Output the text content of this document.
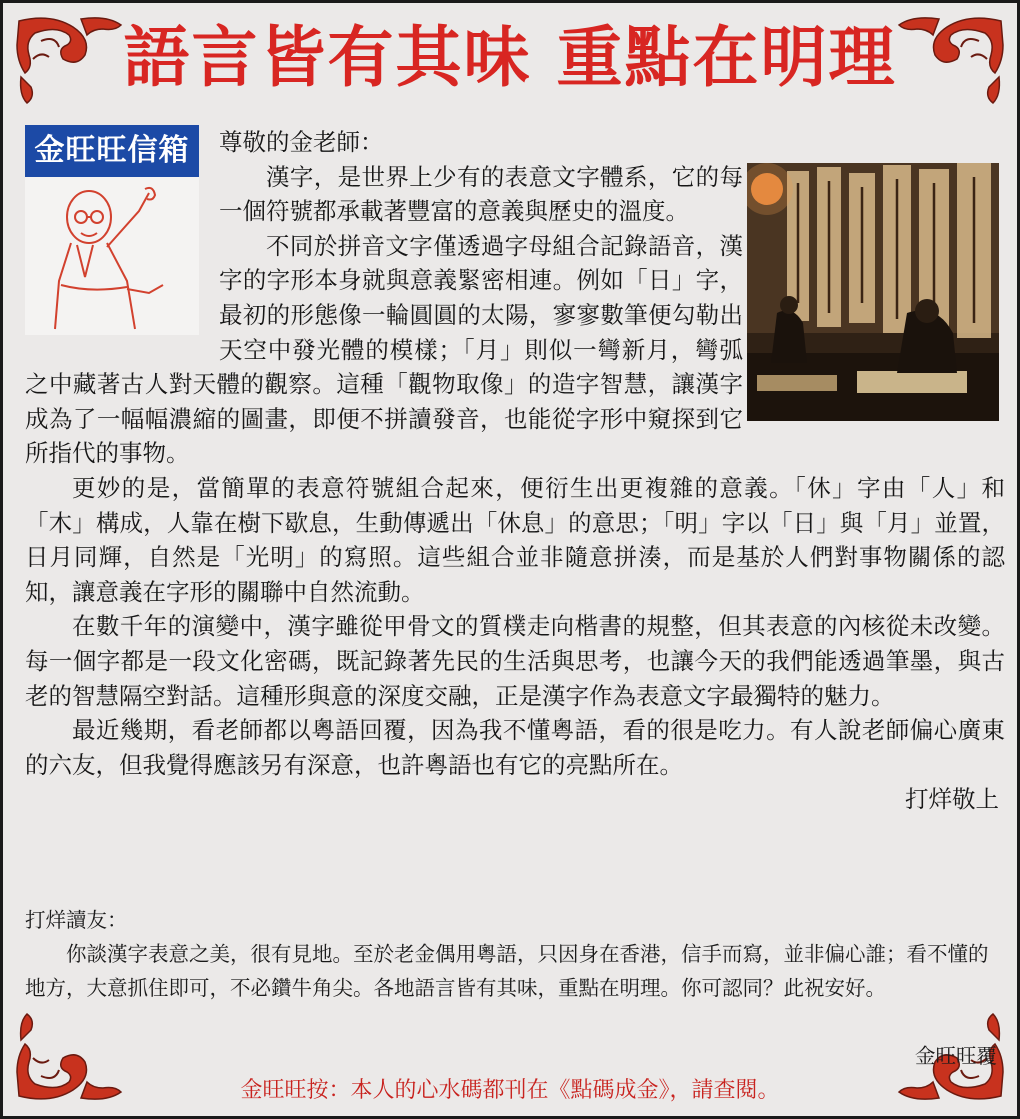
語言皆有其味 重點在明理
金旺旺信箱	尊敬的金老師：

漢字，是世界上少有的表意文字體系，它的每一個符號都承載著豐富的意義與歷史的溫度。

不同於拼音文字僅透過字母組合記錄語音，漢字的字形本身就與意義緊密相連。例如「日」字，最初的形態像一輪圓圓的太陽，寥寥數筆便勾勒出天空中發光體的模樣；「月」則似一彎新月，彎弧之中藏著古人對天體的觀察。這種「觀物取像」的造字智慧，讓漢字成為了一幅幅濃縮的圖畫，即便不拼讀發音，也能從字形中窺探到它所指代的事物。

更妙的是，當簡單的表意符號組合起來，便衍生出更複雜的意義。「休」字由「人」和「木」構成，人靠在樹下歇息，生動傳遞出「休息」的意思；「明」字以「日」與「月」並置，日月同輝，自然是「光明」的寫照。這些組合並非隨意拼湊，而是基於人們對事物關係的認知，讓意義在字形的關聯中自然流動。

在數千年的演變中，漢字雖從甲骨文的質樸走向楷書的規整，但其表意的內核從未改變。每一個字都是一段文化密碼，既記錄著先民的生活與思考，也讓今天的我們能透過筆墨，與古老的智慧隔空對話。這種形與意的深度交融，正是漢字作為表意文字最獨特的魅力。

最近幾期，看老師都以粵語回覆，因為我不懂粵語，看的很是吃力。有人說老師偏心廣東的六友，但我覺得應該另有深意，也許粵語也有它的亮點所在。

打烊敬上

打烊讀友：

你談漢字表意之美，很有見地。至於老金偶用粵語，只因身在香港，信手而寫，並非偏心誰；看不懂的地方，大意抓住即可，不必鑽牛角尖。各地語言皆有其味，重點在明理。你可認同？此祝安好。

金旺旺覆
金旺旺按：本人的心水碼都刊在《點碼成金》，請查閱。
